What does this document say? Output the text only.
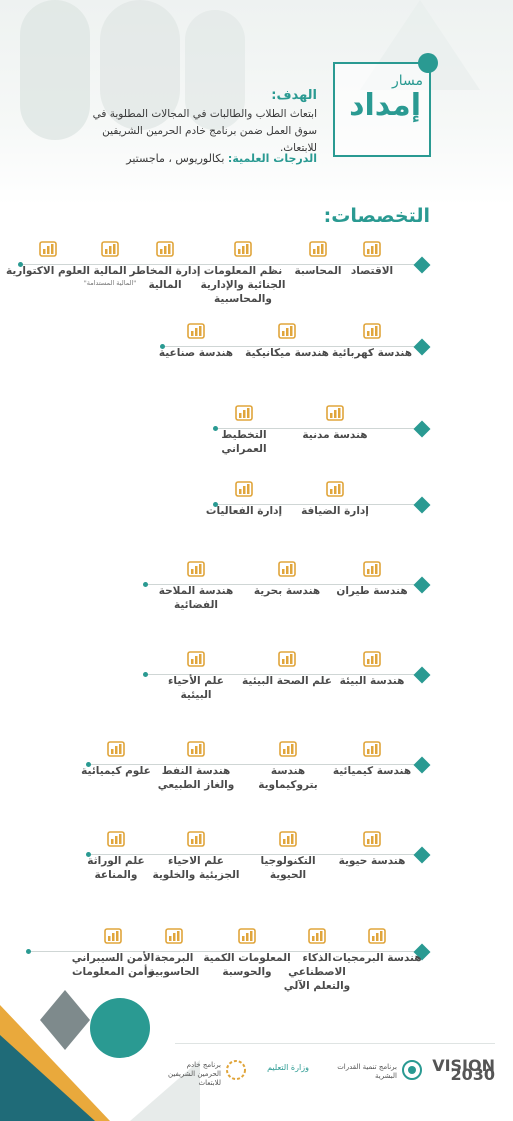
مسار
إمداد
الهدف:
ابتعاث الطلاب والطالبات في المجالات المطلوبة في سوق العمل ضمن برنامج خادم الحرمين الشريفين للابتعاث.
الدرجات العلمية: بكالوريوس ، ماجستير
التخصصات:
الاقتصاد
المحاسبة
نظم المعلومات الجنائية والإدارية والمحاسبية
إدارة المخاطر المالية
المالية
"المالية المستدامة"
العلوم الاكتوارية
هندسة كهربائية
هندسة ميكانيكية
هندسة صناعية
هندسة مدنية
التخطيط العمراني
إدارة الضيافة
إدارة الفعاليات
هندسة طيران
هندسة بحرية
هندسة الملاحة الفضائية
هندسة البيئة
علم الصحة البيئية
علم الأحياء البيئية
هندسة كيميائية
هندسة بتروكيماوية
هندسة النفط والغاز الطبيعي
علوم كيميائية
هندسة حيوية
التكنولوجيا الحيوية
علم الاحياء الجزيئية والخلوية
علم الوراثة والمناعة
هندسة البرمجيات
الذكاء الاصطناعي والتعلم الآلي
المعلومات الكمية والحوسبة
البرمجة الحاسوبية
الأمن السيبراني وأمن المعلومات
VISION 2030
برنامج تنمية القدرات البشرية
وزارة التعليم
برنامج خادم الحرمين الشريفين للابتعاث
